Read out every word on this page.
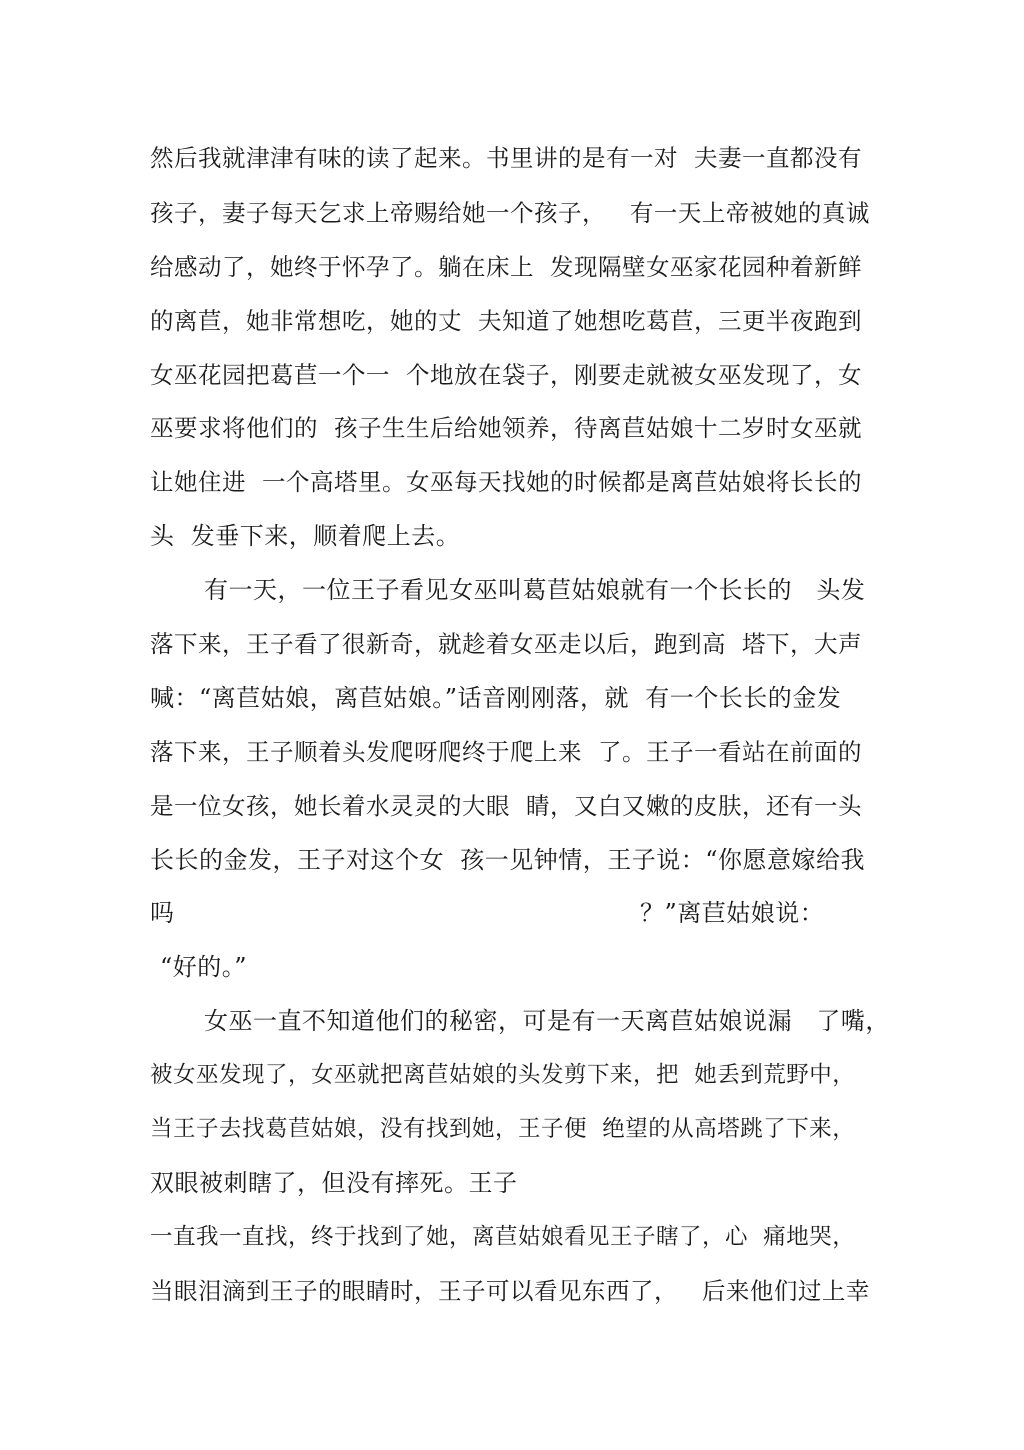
然后我就津津有味的读了起来。书里讲的是有一对  夫妻一直都没有
孩子，妻子每天乞求上帝赐给她一个孩子，   有一天上帝被她的真诚
给感动了，她终于怀孕了。躺在床上  发现隔壁女巫家花园种着新鲜
的离苣，她非常想吃，她的丈  夫知道了她想吃葛苣，三更半夜跑到
女巫花园把葛苣一个一  个地放在袋子，刚要走就被女巫发现了，女
巫要求将他们的  孩子生生后给她领养，待离苣姑娘十二岁时女巫就
让她住进  一个高塔里。女巫每天找她的时候都是离苣姑娘将长长的
头  发垂下来，顺着爬上去。
有一天，一位王子看见女巫叫葛苣姑娘就有一个长长的   头发
落下来，王子看了很新奇，就趁着女巫走以后，跑到高  塔下，大声
喊：“离苣姑娘，离苣姑娘。”话音刚刚落，就  有一个长长的金发
落下来，王子顺着头发爬呀爬终于爬上来  了。王子一看站在前面的
是一位女孩，她长着水灵灵的大眼  睛，又白又嫩的皮肤，还有一头
长长的金发，王子对这个女  孩一见钟情，王子说：“你愿意嫁给我
吗	？”离苣姑娘说：
“好的。”
女巫一直不知道他们的秘密，可是有一天离苣姑娘说漏   了嘴，
被女巫发现了，女巫就把离苣姑娘的头发剪下来，把  她丢到荒野中，
当王子去找葛苣姑娘，没有找到她，王子便  绝望的从高塔跳了下来，
双眼被刺瞎了，但没有摔死。王子
一直我一直找，终于找到了她，离苣姑娘看见王子瞎了，心  痛地哭，
当眼泪滴到王子的眼睛时，王子可以看见东西了，   后来他们过上幸
